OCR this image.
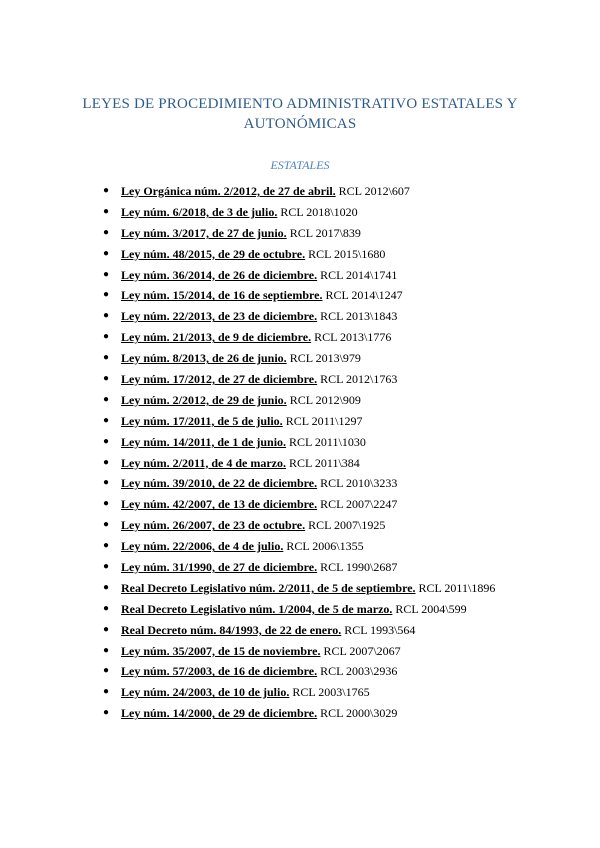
LEYES DE PROCEDIMIENTO ADMINISTRATIVO ESTATALES Y AUTONÓMICAS
ESTATALES
● Ley Orgánica núm. 2/2012, de 27 de abril. RCL 2012\607
● Ley núm. 6/2018, de 3 de julio. RCL 2018\1020
● Ley núm. 3/2017, de 27 de junio. RCL 2017\839
● Ley núm. 48/2015, de 29 de octubre. RCL 2015\1680
● Ley núm. 36/2014, de 26 de diciembre. RCL 2014\1741
● Ley núm. 15/2014, de 16 de septiembre. RCL 2014\1247
● Ley núm. 22/2013, de 23 de diciembre. RCL 2013\1843
● Ley núm. 21/2013, de 9 de diciembre. RCL 2013\1776
● Ley núm. 8/2013, de 26 de junio. RCL 2013\979
● Ley núm. 17/2012, de 27 de diciembre. RCL 2012\1763
● Ley núm. 2/2012, de 29 de junio. RCL 2012\909
● Ley núm. 17/2011, de 5 de julio. RCL 2011\1297
● Ley núm. 14/2011, de 1 de junio. RCL 2011\1030
● Ley núm. 2/2011, de 4 de marzo. RCL 2011\384
● Ley núm. 39/2010, de 22 de diciembre. RCL 2010\3233
● Ley núm. 42/2007, de 13 de diciembre. RCL 2007\2247
● Ley núm. 26/2007, de 23 de octubre. RCL 2007\1925
● Ley núm. 22/2006, de 4 de julio. RCL 2006\1355
● Ley núm. 31/1990, de 27 de diciembre. RCL 1990\2687
● Real Decreto Legislativo núm. 2/2011, de 5 de septiembre. RCL 2011\1896
● Real Decreto Legislativo núm. 1/2004, de 5 de marzo. RCL 2004\599
● Real Decreto núm. 84/1993, de 22 de enero. RCL 1993\564
● Ley núm. 35/2007, de 15 de noviembre. RCL 2007\2067
● Ley núm. 57/2003, de 16 de diciembre. RCL 2003\2936
● Ley núm. 24/2003, de 10 de julio. RCL 2003\1765
● Ley núm. 14/2000, de 29 de diciembre. RCL 2000\3029
